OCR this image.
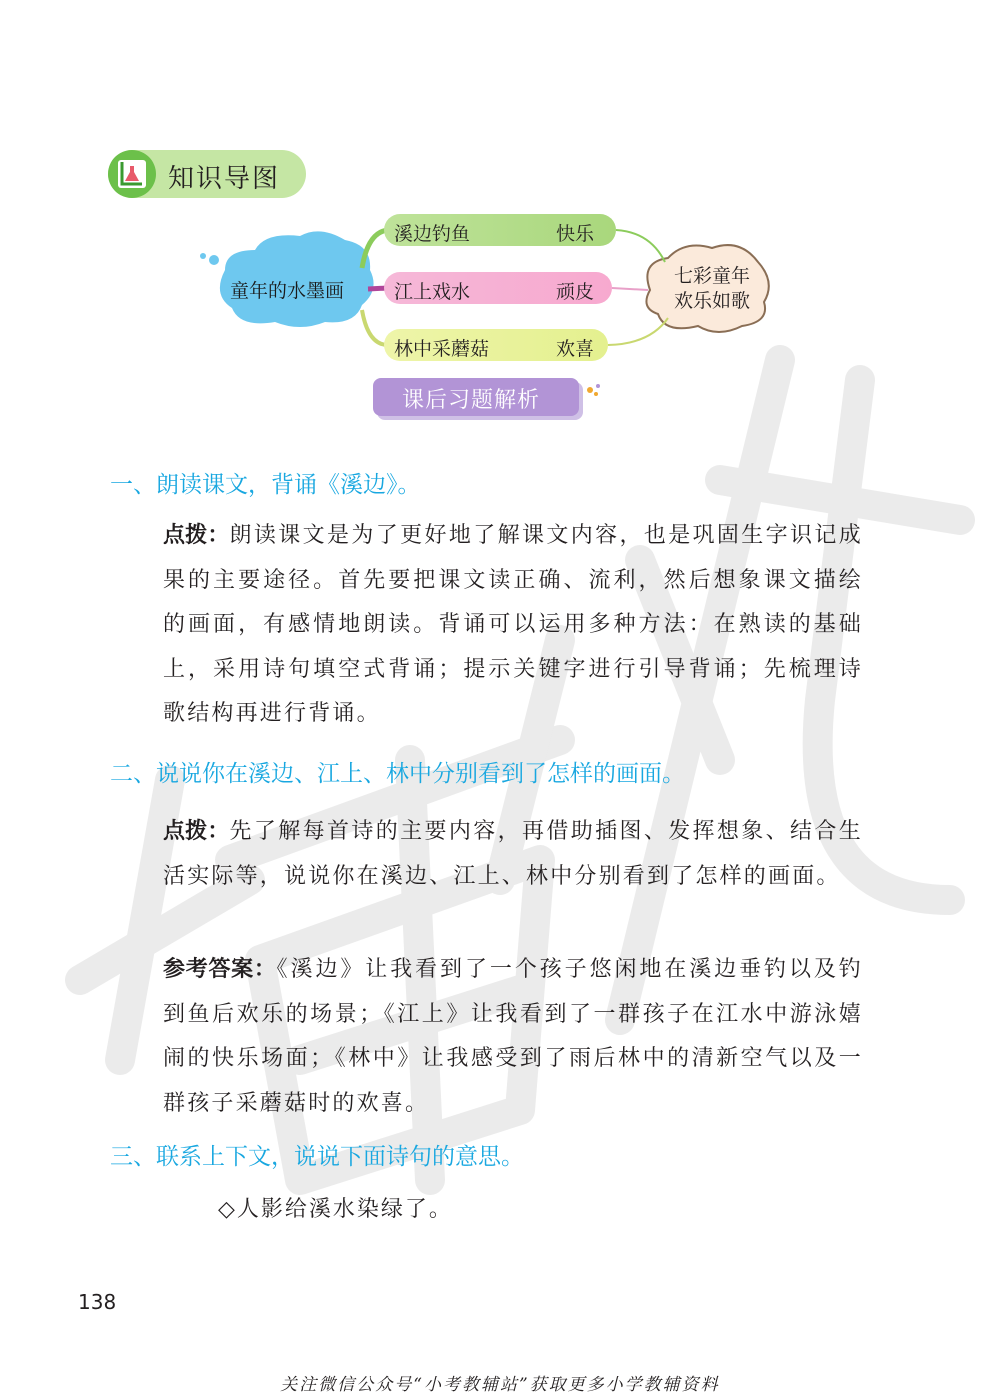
知识导图
童年的水墨画
溪边钓鱼	快乐
江上戏水	顽皮
林中采蘑菇	欢喜
七彩童年
欢乐如歌
课后习题解析
一、朗读课文，背诵《溪边》。
点拨：朗读课文是为了更好地了解课文内容，也是巩固生字识记成果的主要途径。首先要把课文读正确、流利，然后想象课文描绘的画面，有感情地朗读。背诵可以运用多种方法：在熟读的基础上，采用诗句填空式背诵；提示关键字进行引导背诵；先梳理诗歌结构再进行背诵。
二、说说你在溪边、江上、林中分别看到了怎样的画面。
点拨：先了解每首诗的主要内容，再借助插图、发挥想象、结合生活实际等，说说你在溪边、江上、林中分别看到了怎样的画面。
参考答案：《溪边》让我看到了一个孩子悠闲地在溪边垂钓以及钓到鱼后欢乐的场景；《江上》让我看到了一群孩子在江水中游泳嬉闹的快乐场面；《林中》让我感受到了雨后林中的清新空气以及一群孩子采蘑菇时的欢喜。
三、联系上下文，说说下面诗句的意思。
◇人影给溪水染绿了。
138
关注微信公众号“小考教辅站”获取更多小学教辅资料
